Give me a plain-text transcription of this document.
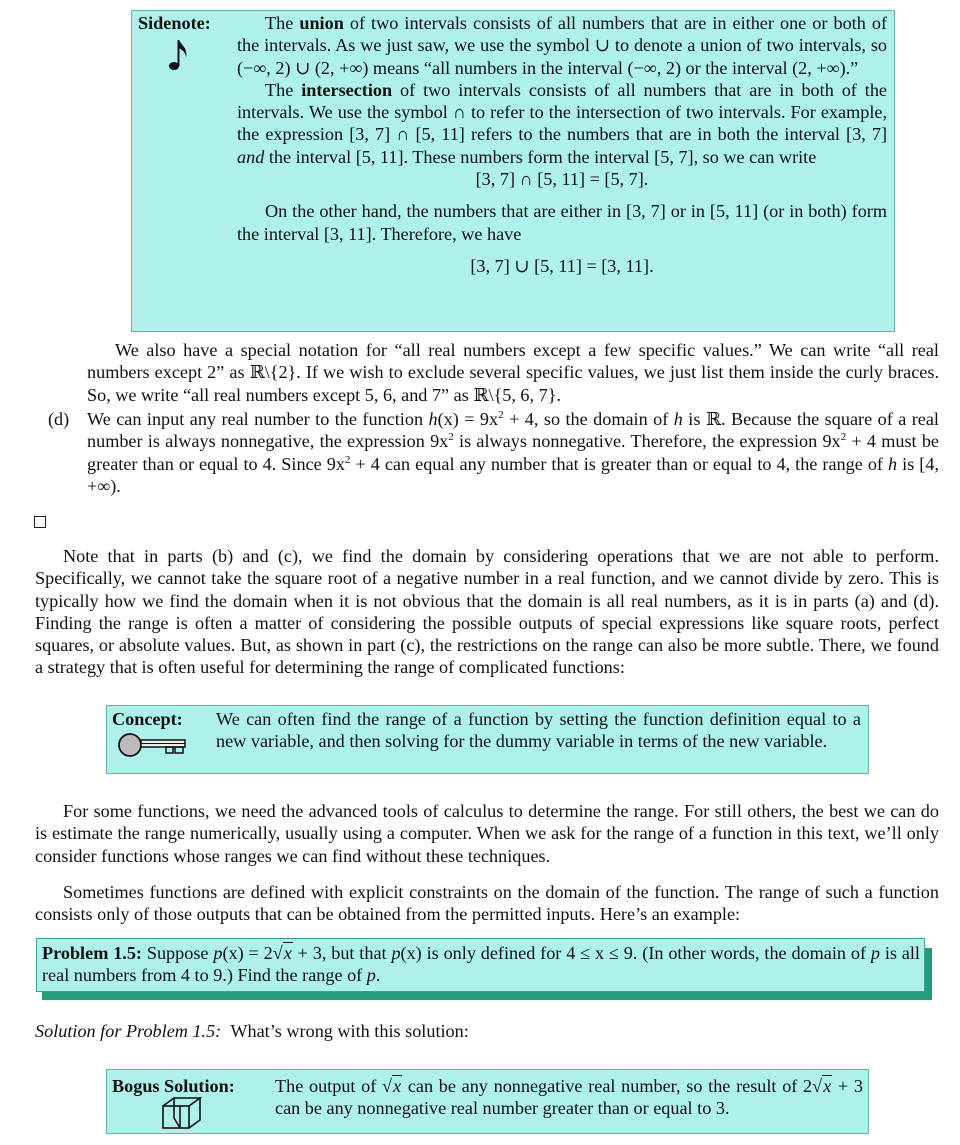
Sidenote:	The union of two intervals consists of all numbers that are in either one or both of the intervals. As we just saw, we use the symbol ∪ to denote a union of two intervals, so (−∞, 2) ∪ (2, +∞) means “all numbers in the interval (−∞, 2) or the interval (2, +∞).”

The intersection of two intervals consists of all numbers that are in both of the intervals. We use the symbol ∩ to refer to the intersection of two intervals. For example, the expression [3, 7] ∩ [5, 11] refers to the numbers that are in both the interval [3, 7] and the interval [5, 11]. These numbers form the interval [5, 7], so we can write

[3, 7] ∩ [5, 11] = [5, 7].

On the other hand, the numbers that are either in [3, 7] or in [5, 11] (or in both) form the interval [3, 11]. Therefore, we have

[3, 7] ∪ [5, 11] = [3, 11].

We also have a special notation for “all real numbers except a few specific values.” We can write “all real numbers except 2” as ℝ\{2}. If we wish to exclude several specific values, we just list them inside the curly braces. So, we write “all real numbers except 5, 6, and 7” as ℝ\{5, 6, 7}.

(d) We can input any real number to the function $h(x) = 9x^2 + 4$, so the domain of h is ℝ. Because the square of a real number is always nonnegative, the expression $9x^2$ is always nonnegative. Therefore, the expression $9x^2 + 4$ must be greater than or equal to 4. Since $9x^2 + 4$ can equal any number that is greater than or equal to 4, the range of h is [4, +∞).

Note that in parts (b) and (c), we find the domain by considering operations that we are not able to perform. Specifically, we cannot take the square root of a negative number in a real function, and we cannot divide by zero. This is typically how we find the domain when it is not obvious that the domain is all real numbers, as it is in parts (a) and (d). Finding the range is often a matter of considering the possible outputs of special expressions like square roots, perfect squares, or absolute values. But, as shown in part (c), the restrictions on the range can also be more subtle. There, we found a strategy that is often useful for determining the range of complicated functions:

Concept: We can often find the range of a function by setting the function definition equal to a new variable, and then solving for the dummy variable in terms of the new variable.

For some functions, we need the advanced tools of calculus to determine the range. For still others, the best we can do is estimate the range numerically, usually using a computer. When we ask for the range of a function in this text, we’ll only consider functions whose ranges we can find without these techniques.

Sometimes functions are defined with explicit constraints on the domain of the function. The range of such a function consists only of those outputs that can be obtained from the permitted inputs. Here’s an example:

Problem 1.5: Suppose p(x) = 2√x + 3, but that p(x) is only defined for 4 ≤ x ≤ 9. (In other words, the domain of p is all real numbers from 4 to 9.) Find the range of p.

Solution for Problem 1.5: What’s wrong with this solution:
Bogus Solution: The output of √x can be any nonnegative real number, so the result of 2√x + 3 can be any nonnegative real number greater than or equal to 3.
